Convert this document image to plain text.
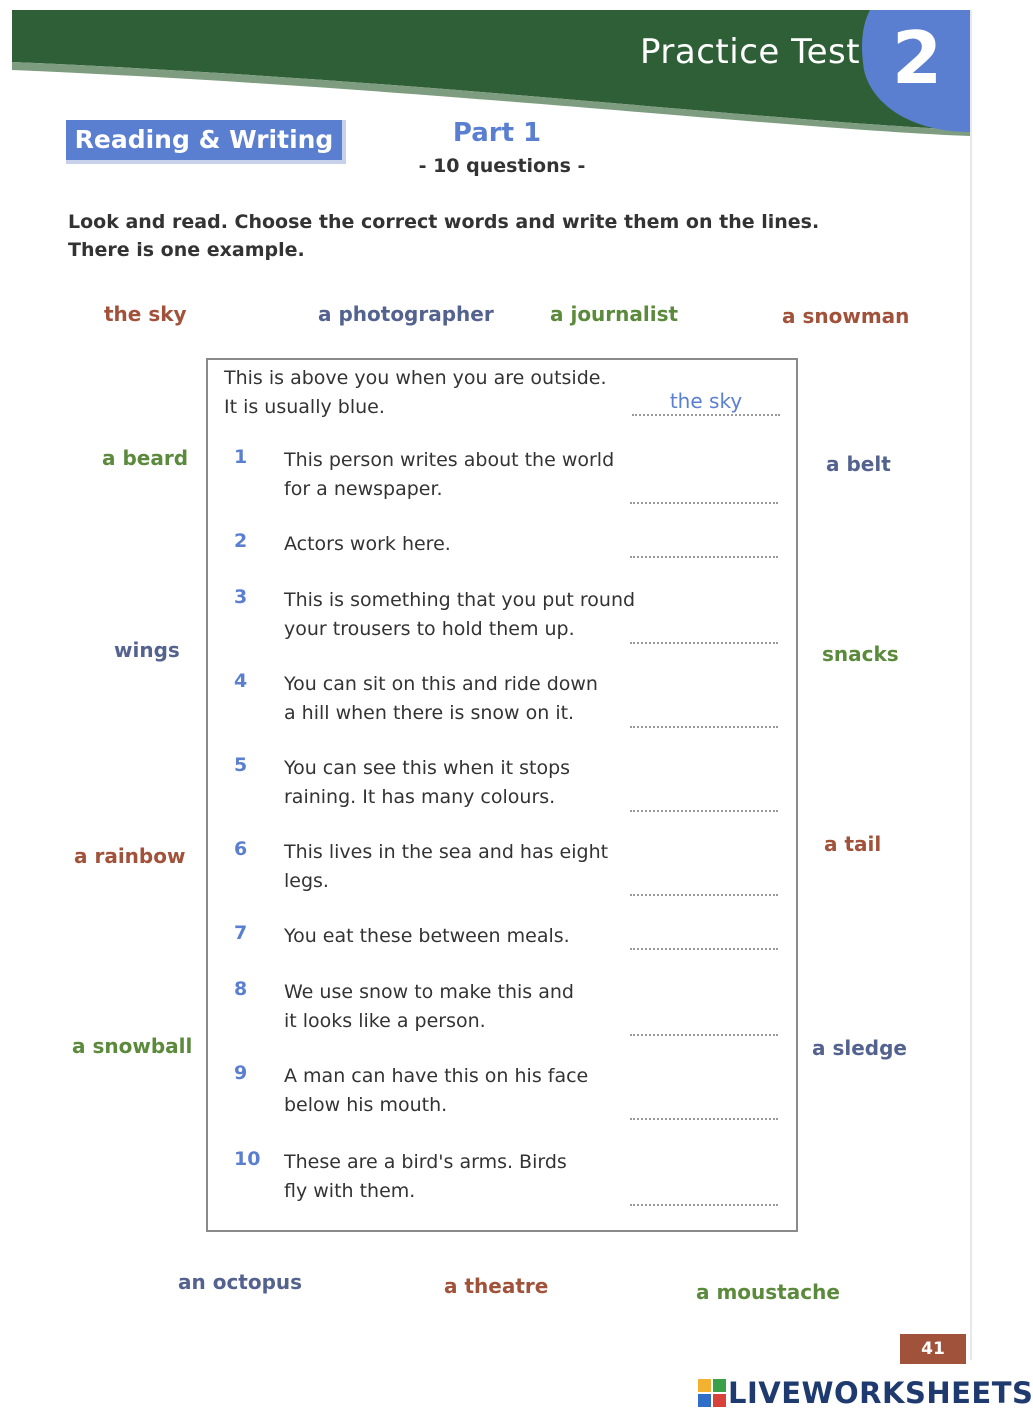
Practice Test 2
Reading & Writing	Part 1
- 10 questions -
Look and read. Choose the correct words and write them on the lines.
There is one example.
the sky	a photographer	a journalist	a snowman
a beard	a belt
wings	snacks
a rainbow	a tail
a snowball	a sledge
an octopus	a theatre	a moustache
This is above you when you are outside.
It is usually blue.	the sky
1	This person writes about the world
for a newspaper.
2	Actors work here.
3	This is something that you put round
your trousers to hold them up.
4	You can sit on this and ride down
a hill when there is snow on it.
5	You can see this when it stops
raining. It has many colours.
6	This lives in the sea and has eight
legs.
7	You eat these between meals.
8	We use snow to make this and
it looks like a person.
9	A man can have this on his face
below his mouth.
10	These are a bird's arms. Birds
fly with them.
41
LIVEWORKSHEETS
